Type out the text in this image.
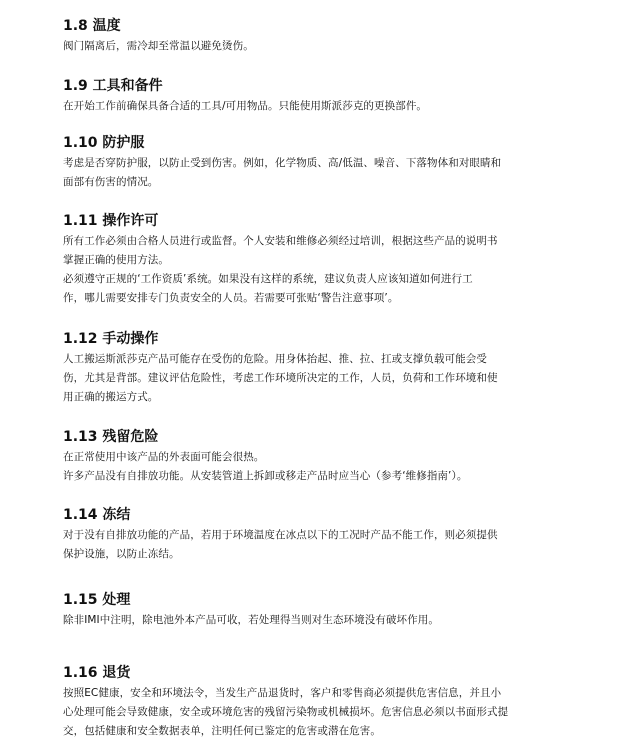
1.8 温度

阀门隔离后，需冷却至常温以避免烫伤。

1.9 工具和备件

在开始工作前确保具备合适的工具/可用物品。只能使用斯派莎克的更换部件。

1.10 防护服

考虑是否穿防护服，以防止受到伤害。例如，化学物质、高/低温、噪音、下落物体和对眼睛和

面部有伤害的情况。

1.11 操作许可

所有工作必须由合格人员进行或监督。个人安装和维修必须经过培训，根据这些产品的说明书

掌握正确的使用方法。

必须遵守正规的‘工作资质’系统。如果没有这样的系统，建议负责人应该知道如何进行工

作，哪儿需要安排专门负责安全的人员。若需要可张贴‘警告注意事项’。

1.12 手动操作

人工搬运斯派莎克产品可能存在受伤的危险。用身体抬起、推、拉、扛或支撑负载可能会受

伤，尤其是背部。建议评估危险性，考虑工作环境所决定的工作，人员，负荷和工作环境和使

用正确的搬运方式。

1.13 残留危险

在正常使用中该产品的外表面可能会很热。

许多产品没有自排放功能。从安装管道上拆卸或移走产品时应当心（参考‘维修指南’）。

1.14 冻结

对于没有自排放功能的产品，若用于环境温度在冰点以下的工况时产品不能工作，则必须提供

保护设施，以防止冻结。

1.15 处理

除非IMI中注明，除电池外本产品可收，若处理得当则对生态环境没有破坏作用。

1.16 退货

按照EC健康，安全和环境法令，当发生产品退货时，客户和零售商必须提供危害信息，并且小

心处理可能会导致健康，安全或环境危害的残留污染物或机械损坏。危害信息必须以书面形式提

交，包括健康和安全数据表单，注明任何已鉴定的危害或潜在危害。
